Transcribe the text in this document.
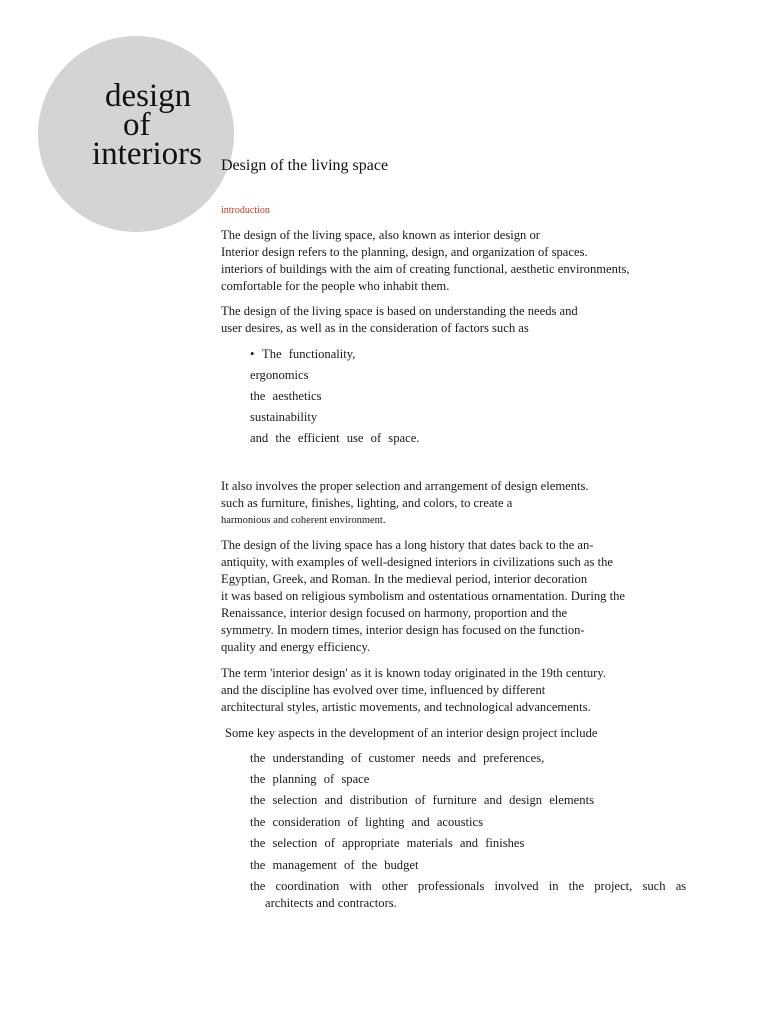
design
of
interiors Design of the living space
introduction
The design of the living space, also known as interior design or
Interior design refers to the planning, design, and organization of spaces.
interiors of buildings with the aim of creating functional, aesthetic environments,
comfortable for the people who inhabit them.
The design of the living space is based on understanding the needs and
user desires, as well as in the consideration of factors such as
• The functionality,
ergonomics
the aesthetics
sustainability
and the efficient use of space.
It also involves the proper selection and arrangement of design elements.
such as furniture, finishes, lighting, and colors, to create a
harmonious and coherent environment.
The design of the living space has a long history that dates back to the an-
antiquity, with examples of well-designed interiors in civilizations such as the
Egyptian, Greek, and Roman. In the medieval period, interior decoration
it was based on religious symbolism and ostentatious ornamentation. During the
Renaissance, interior design focused on harmony, proportion and the
symmetry. In modern times, interior design has focused on the function-
quality and energy efficiency.
The term 'interior design' as it is known today originated in the 19th century.
and the discipline has evolved over time, influenced by different
architectural styles, artistic movements, and technological advancements.
Some key aspects in the development of an interior design project include
the understanding of customer needs and preferences,
the planning of space
the selection and distribution of furniture and design elements
the consideration of lighting and acoustics
the selection of appropriate materials and finishes
the management of the budget
the coordination with other professionals involved in the project, such as
architects and contractors.
